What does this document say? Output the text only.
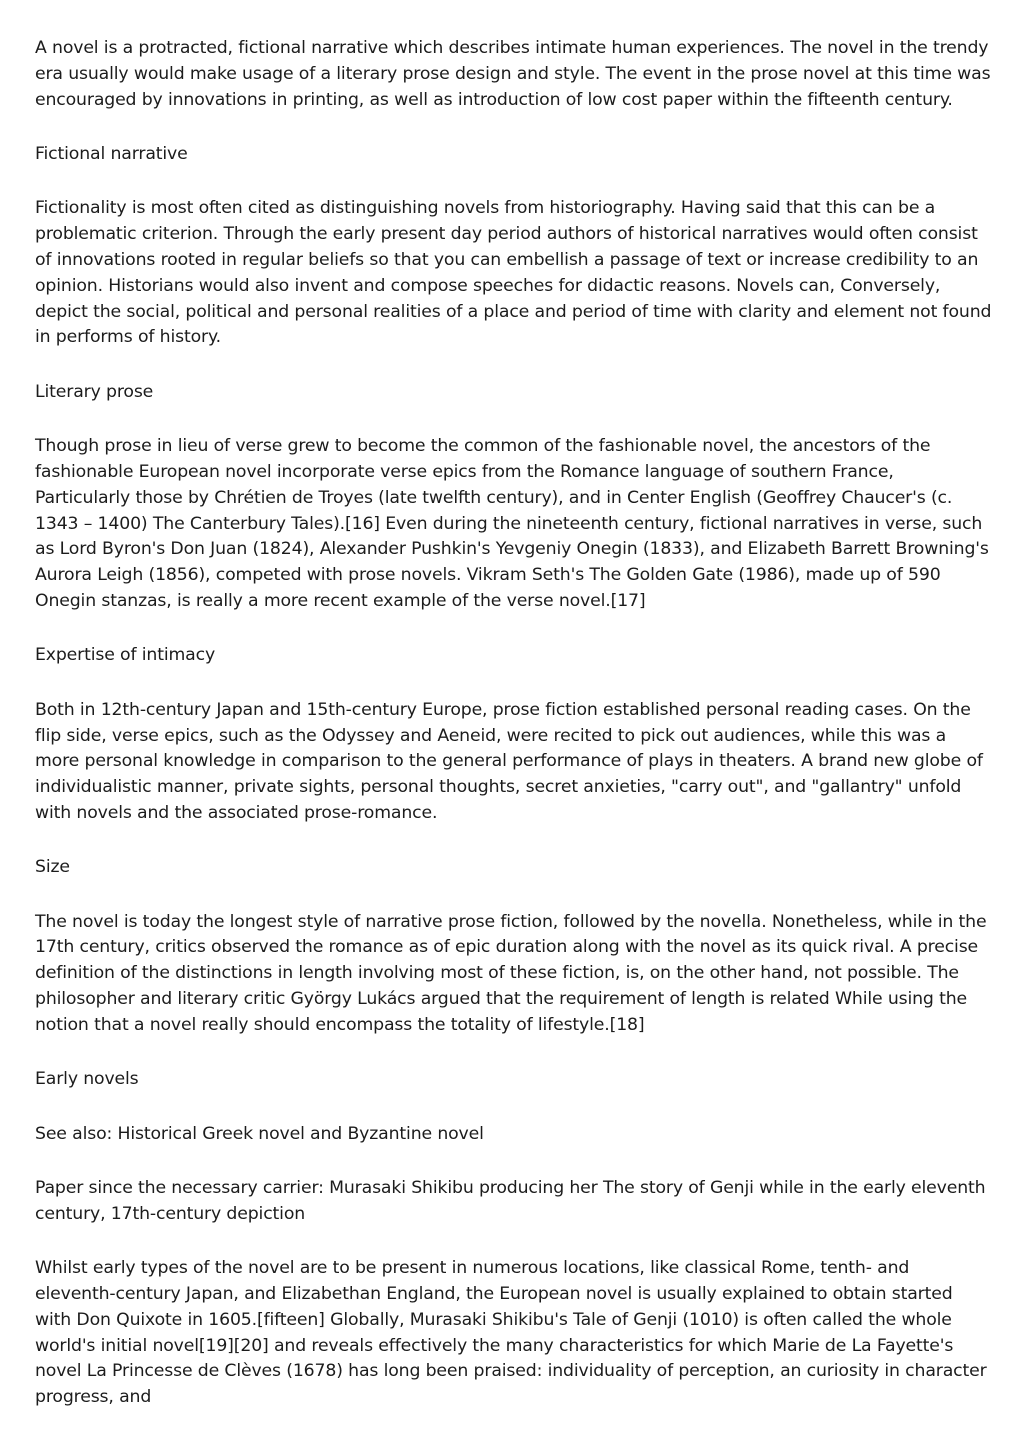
A novel is a protracted, fictional narrative which describes intimate human experiences. The novel in the trendy era usually would make usage of a literary prose design and style. The event in the prose novel at this time was encouraged by innovations in printing, as well as introduction of low cost paper within the fifteenth century.

Fictional narrative

Fictionality is most often cited as distinguishing novels from historiography. Having said that this can be a problematic criterion. Through the early present day period authors of historical narratives would often consist of innovations rooted in regular beliefs so that you can embellish a passage of text or increase credibility to an opinion. Historians would also invent and compose speeches for didactic reasons. Novels can, Conversely, depict the social, political and personal realities of a place and period of time with clarity and element not found in performs of history.

Literary prose

Though prose in lieu of verse grew to become the common of the fashionable novel, the ancestors of the fashionable European novel incorporate verse epics from the Romance language of southern France, Particularly those by Chrétien de Troyes (late twelfth century), and in Center English (Geoffrey Chaucer's (c. 1343 – 1400) The Canterbury Tales).[16] Even during the nineteenth century, fictional narratives in verse, such as Lord Byron's Don Juan (1824), Alexander Pushkin's Yevgeniy Onegin (1833), and Elizabeth Barrett Browning's Aurora Leigh (1856), competed with prose novels. Vikram Seth's The Golden Gate (1986), made up of 590 Onegin stanzas, is really a more recent example of the verse novel.[17]

Expertise of intimacy

Both in 12th-century Japan and 15th-century Europe, prose fiction established personal reading cases. On the flip side, verse epics, such as the Odyssey and Aeneid, were recited to pick out audiences, while this was a more personal knowledge in comparison to the general performance of plays in theaters. A brand new globe of individualistic manner, private sights, personal thoughts, secret anxieties, "carry out", and "gallantry" unfold with novels and the associated prose-romance.

Size

The novel is today the longest style of narrative prose fiction, followed by the novella. Nonetheless, while in the 17th century, critics observed the romance as of epic duration along with the novel as its quick rival. A precise definition of the distinctions in length involving most of these fiction, is, on the other hand, not possible. The philosopher and literary critic György Lukács argued that the requirement of length is related While using the notion that a novel really should encompass the totality of lifestyle.[18]

Early novels

See also: Historical Greek novel and Byzantine novel

Paper since the necessary carrier: Murasaki Shikibu producing her The story of Genji while in the early eleventh century, 17th-century depiction

Whilst early types of the novel are to be present in numerous locations, like classical Rome, tenth- and eleventh-century Japan, and Elizabethan England, the European novel is usually explained to obtain started with Don Quixote in 1605.[fifteen] Globally, Murasaki Shikibu's Tale of Genji (1010) is often called the whole world's initial novel[19][20] and reveals effectively the many characteristics for which Marie de La Fayette's novel La Princesse de Clèves (1678) has long been praised: individuality of perception, an curiosity in character progress, and
